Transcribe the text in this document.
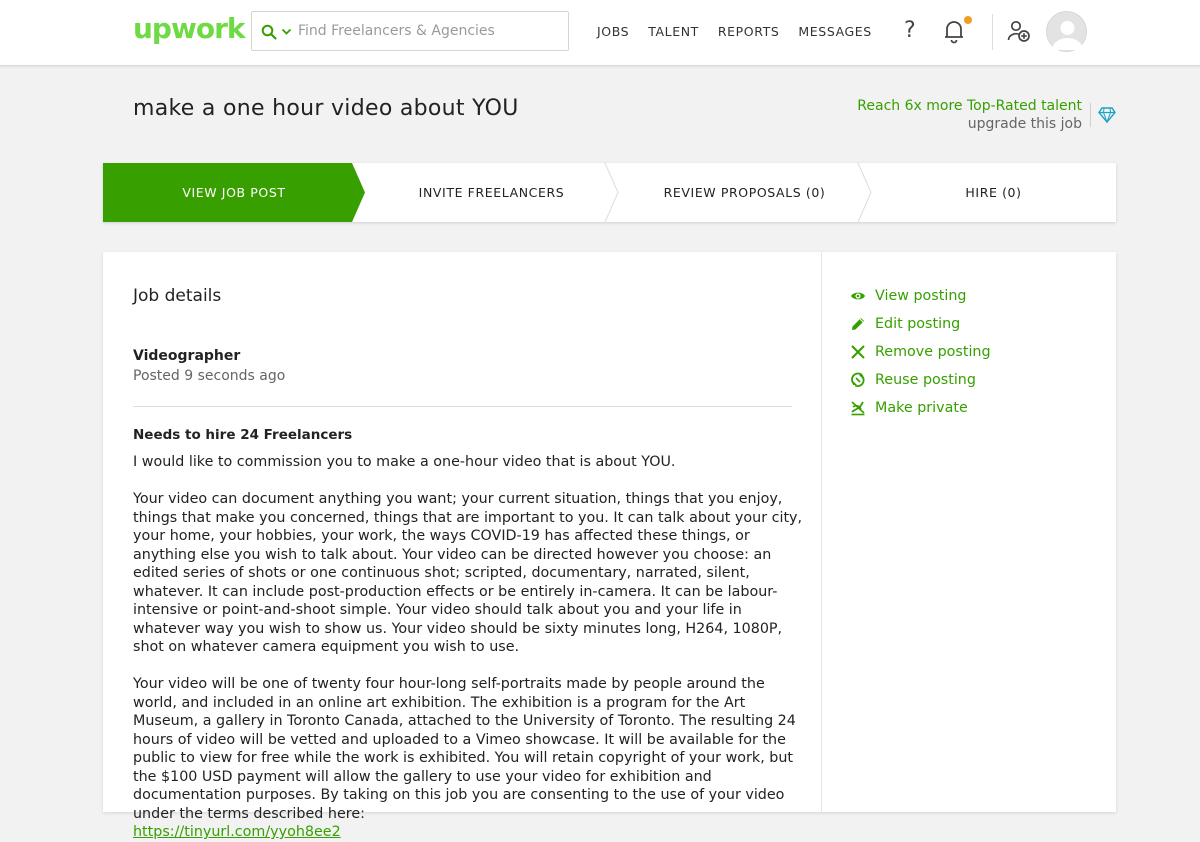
upwork
Find Freelancers & Agencies	JOBS TALENT REPORTS MESSAGES ?
make a one hour video about YOU	Reach 6x more Top-Rated talent
upgrade this job
VIEW JOB POST	INVITE FREELANCERS	REVIEW PROPOSALS (0)	HIRE (0)
Job details
Videographer
Posted 9 seconds ago
Needs to hire 24 Freelancers

I would like to commission you to make a one-hour video that is about YOU.

Your video can document anything you want; your current situation, things that you enjoy, things that make you concerned, things that are important to you. It can talk about your city, your home, your hobbies, your work, the ways COVID-19 has affected these things, or anything else you wish to talk about. Your video can be directed however you choose: an edited series of shots or one continuous shot; scripted, documentary, narrated, silent, whatever. It can include post-production effects or be entirely in-camera. It can be labour-intensive or point-and-shoot simple. Your video should talk about you and your life in whatever way you wish to show us. Your video should be sixty minutes long, H264, 1080P, shot on whatever camera equipment you wish to use.

Your video will be one of twenty four hour-long self-portraits made by people around the world, and included in an online art exhibition. The exhibition is a program for the Art Museum, a gallery in Toronto Canada, attached to the University of Toronto. The resulting 24 hours of video will be vetted and uploaded to a Vimeo showcase. It will be available for the public to view for free while the work is exhibited. You will retain copyright of your work, but the $100 USD payment will allow the gallery to use your video for exhibition and documentation purposes. By taking on this job you are consenting to the use of your video under the terms described here:
https://tinyurl.com/yyoh8ee2

View posting
Edit posting
Remove posting
Reuse posting
Make private
